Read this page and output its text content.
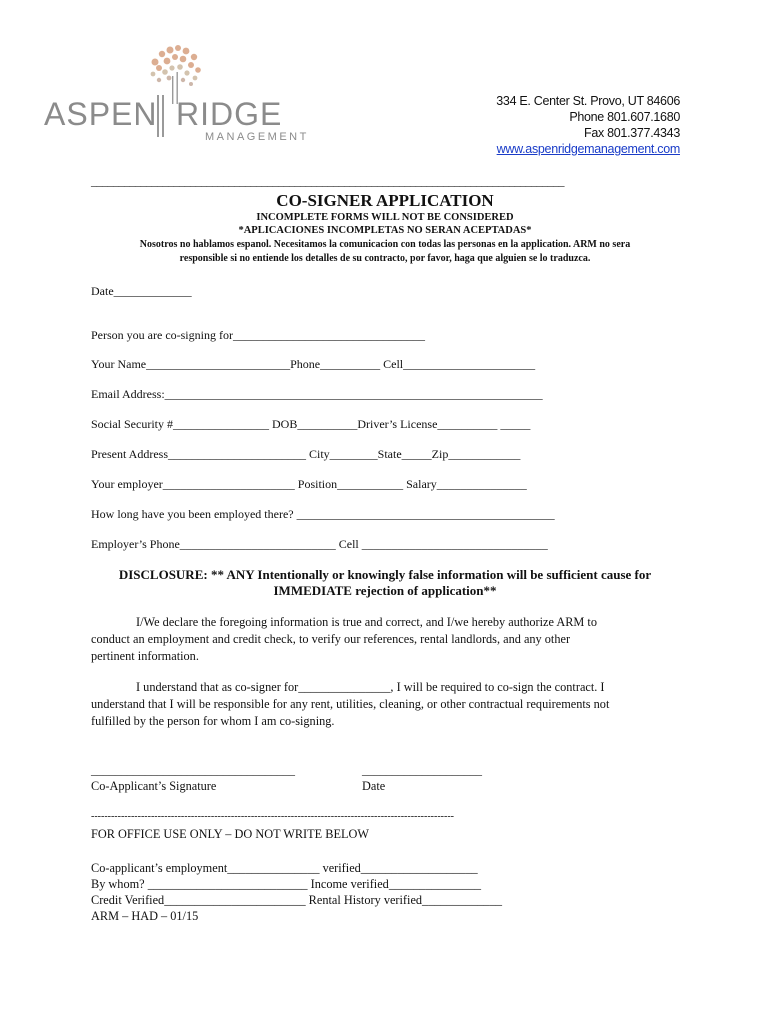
ASPEN RIDGE
MANAGEMENT
334 E. Center St. Provo, UT 84606
Phone 801.607.1680
Fax 801.377.4343
www.aspenridgemanagement.com
______________________________________________________________________________________
CO-SIGNER APPLICATION
INCOMPLETE FORMS WILL NOT BE CONSIDERED
*APLICACIONES INCOMPLETAS NO SERAN ACEPTADAS*
Nosotros no hablamos espanol. Necesitamos la comunicacion con todas las personas en la application. ARM no sera
responsible si no entiende los detalles de su contracto, por favor, haga que alguien se lo traduzca.
Date_____________
Person you are co-signing for________________________________
Your Name________________________Phone__________ Cell______________________
Email Address:_______________________________________________________________
Social Security #________________ DOB__________Driver’s License__________ _____
Present Address_______________________ City________State_____Zip____________
Your employer______________________ Position___________ Salary_______________
How long have you been employed there? ___________________________________________
Employer’s Phone__________________________ Cell _______________________________
DISCLOSURE: ** ANY Intentionally or knowingly false information will be sufficient cause for
IMMEDIATE rejection of application**
I/We declare the foregoing information is true and correct, and I/we hereby authorize ARM to
conduct an employment and credit check, to verify our references, rental landlords, and any other
pertinent information.
I understand that as co-signer for_______________, I will be required to co-sign the contract. I
understand that I will be responsible for any rent, utilities, cleaning, or other contractual requirements not
fulfilled by the person for whom I am co-signing.
__________________________________
Co-Applicant’s Signature
____________________
Date
-------------------------------------------------------------------------------------------------------------
FOR OFFICE USE ONLY – DO NOT WRITE BELOW
Co-applicant’s employment_______________ verified___________________
By whom? __________________________ Income verified_______________
Credit Verified_______________________ Rental History verified_____________
ARM – HAD – 01/15
